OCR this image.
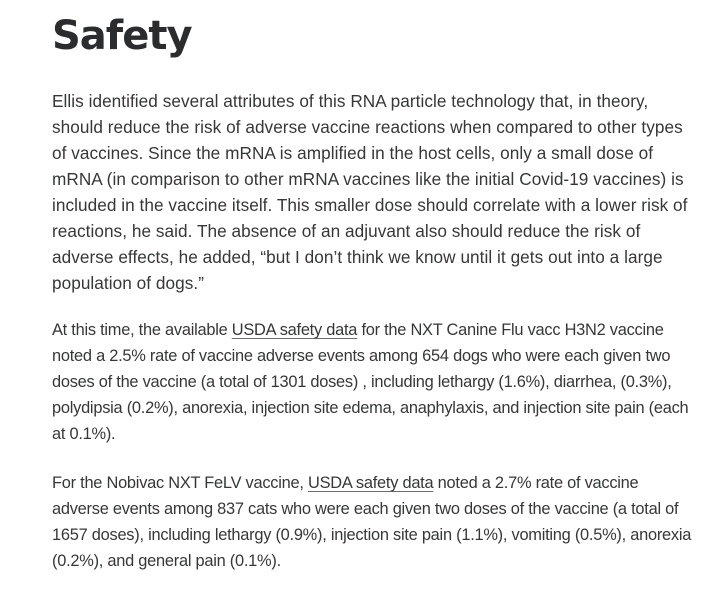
Safety

Ellis identified several attributes of this RNA particle technology that, in theory, should reduce the risk of adverse vaccine reactions when compared to other types of vaccines. Since the mRNA is amplified in the host cells, only a small dose of mRNA (in comparison to other mRNA vaccines like the initial Covid-19 vaccines) is included in the vaccine itself. This smaller dose should correlate with a lower risk of reactions, he said. The absence of an adjuvant also should reduce the risk of adverse effects, he added, “but I don’t think we know until it gets out into a large population of dogs.”

At this time, the available USDA safety data for the NXT Canine Flu vacc H3N2 vaccine noted a 2.5% rate of vaccine adverse events among 654 dogs who were each given two doses of the vaccine (a total of 1301 doses) , including lethargy (1.6%), diarrhea, (0.3%), polydipsia (0.2%), anorexia, injection site edema, anaphylaxis, and injection site pain (each at 0.1%).

For the Nobivac NXT FeLV vaccine, USDA safety data noted a 2.7% rate of vaccine adverse events among 837 cats who were each given two doses of the vaccine (a total of 1657 doses), including lethargy (0.9%), injection site pain (1.1%), vomiting (0.5%), anorexia (0.2%), and general pain (0.1%).
